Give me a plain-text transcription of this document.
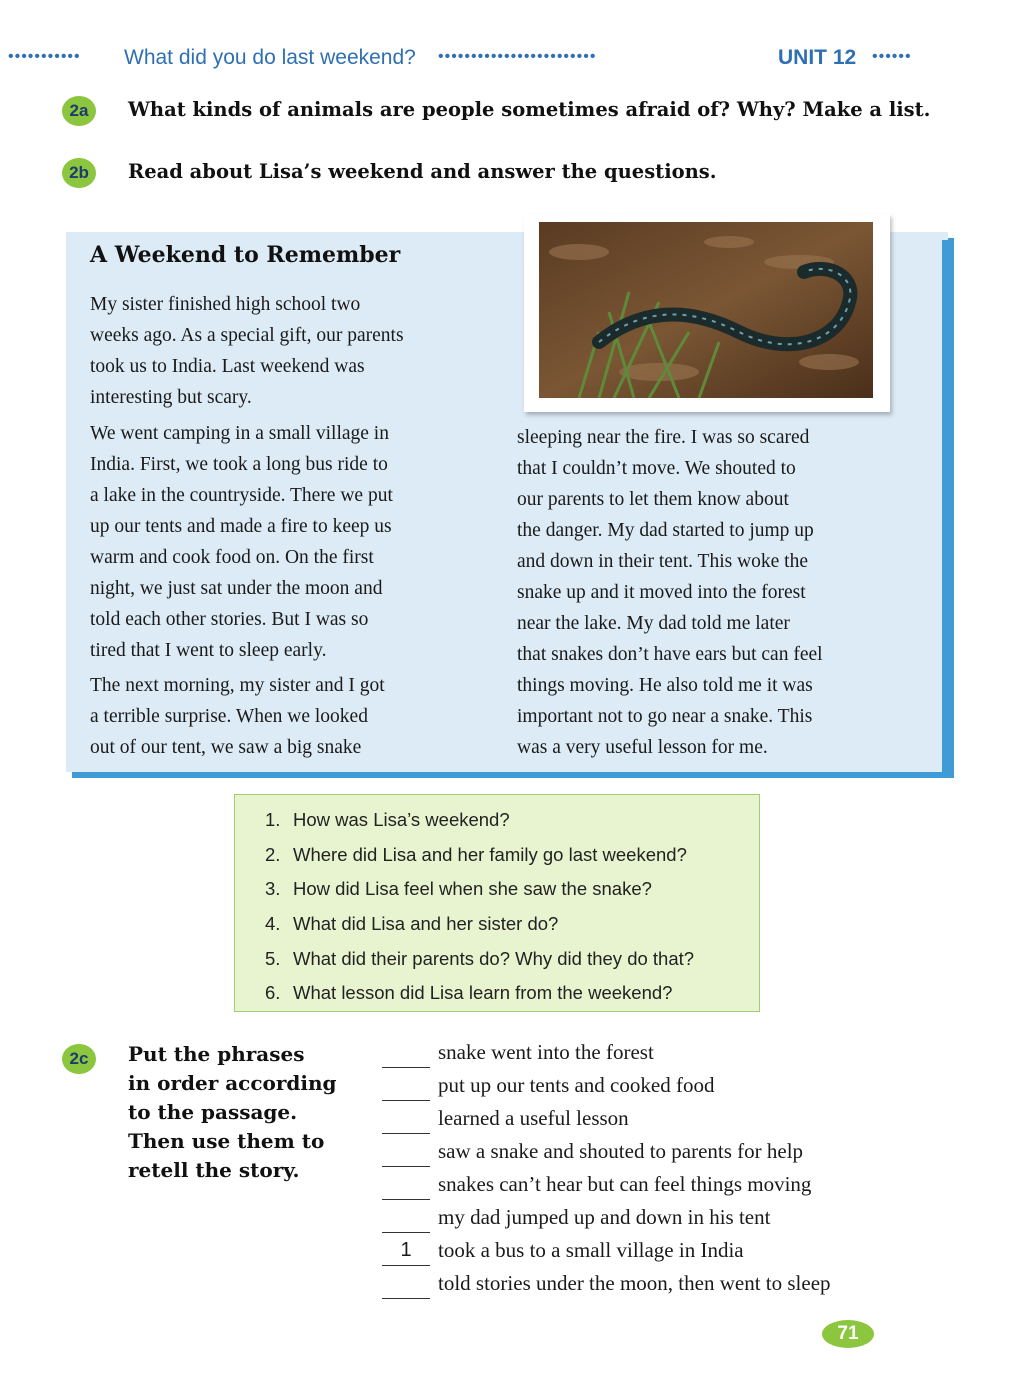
••••••••••• What did you do last weekend? ••••••••••••••••••••••••	UNIT 12 ••••••
2a	What kinds of animals are people sometimes afraid of? Why? Make a list.
2b	Read about Lisa’s weekend and answer the questions.
A Weekend to Remember
My sister finished high school two
weeks ago. As a special gift, our parents
took us to India. Last weekend was
interesting but scary.
We went camping in a small village in
India. First, we took a long bus ride to
a lake in the countryside. There we put
up our tents and made a fire to keep us
warm and cook food on. On the first
night, we just sat under the moon and
told each other stories. But I was so
tired that I went to sleep early.
The next morning, my sister and I got
a terrible surprise. When we looked
out of our tent, we saw a big snake
sleeping near the fire. I was so scared
that I couldn’t move. We shouted to
our parents to let them know about
the danger. My dad started to jump up
and down in their tent. This woke the
snake up and it moved into the forest
near the lake. My dad told me later
that snakes don’t have ears but can feel
things moving. He also told me it was
important not to go near a snake. This
was a very useful lesson for me.
1. How was Lisa’s weekend?
2. Where did Lisa and her family go last weekend?
3. How did Lisa feel when she saw the snake?
4. What did Lisa and her sister do?
5. What did their parents do? Why did they do that?
6. What lesson did Lisa learn from the weekend?
2c	Put the phrases
in order according
to the passage.
Then use them to
retell the story.
snake went into the forest
put up our tents and cooked food
learned a useful lesson
saw a snake and shouted to parents for help
snakes can’t hear but can feel things moving
my dad jumped up and down in his tent
1	took a bus to a small village in India
told stories under the moon, then went to sleep
71
